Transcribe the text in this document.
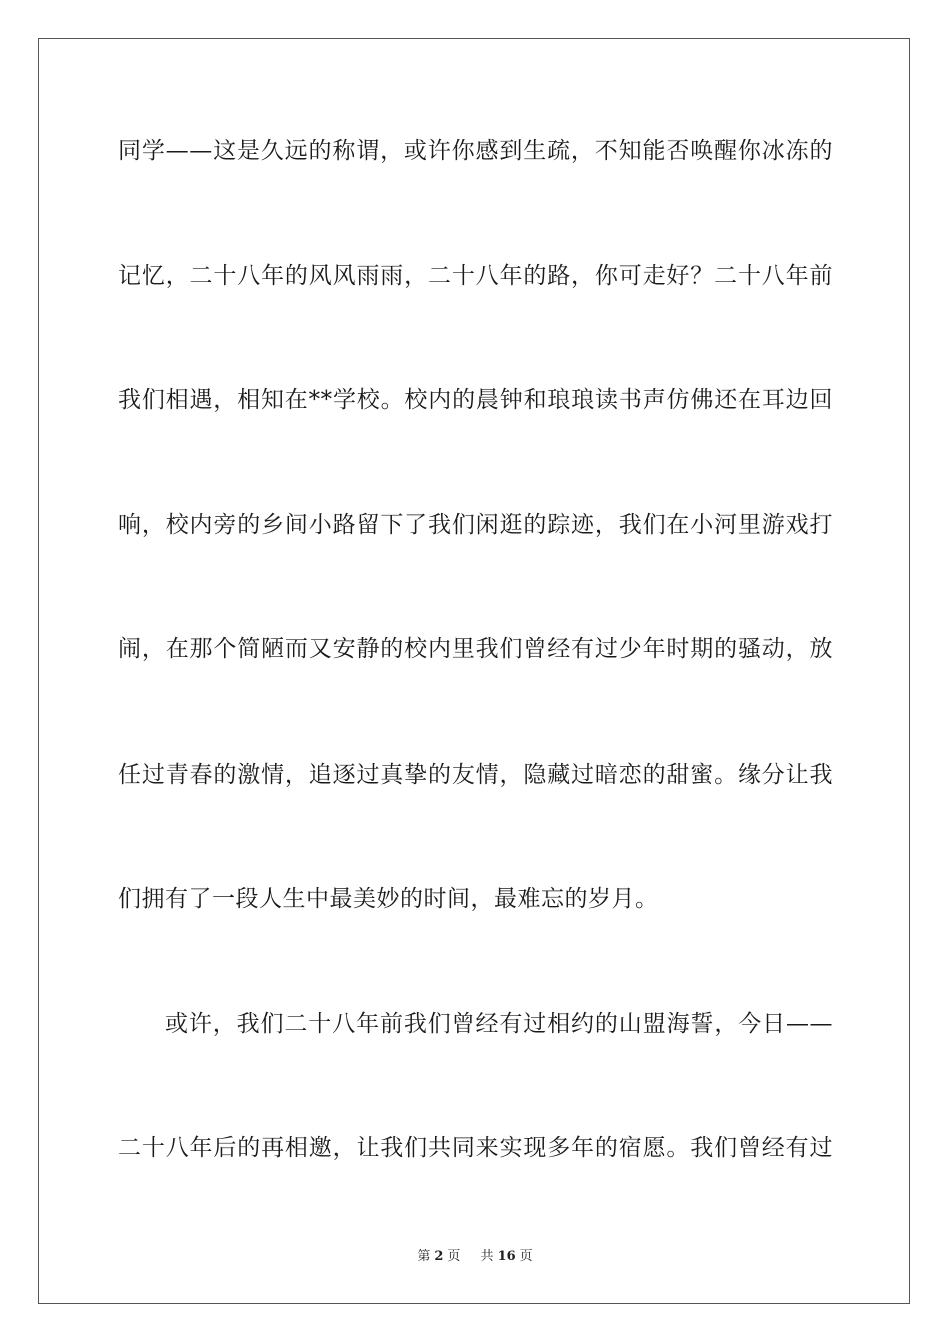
同学——这是久远的称谓，或许你感到生疏，不知能否唤醒你冰冻的
记忆，二十八年的风风雨雨，二十八年的路，你可走好？二十八年前
我们相遇，相知在**学校。校内的晨钟和琅琅读书声仿佛还在耳边回
响，校内旁的乡间小路留下了我们闲逛的踪迹，我们在小河里游戏打
闹，在那个简陋而又安静的校内里我们曾经有过少年时期的骚动，放
任过青春的激情，追逐过真挚的友情，隐藏过暗恋的甜蜜。缘分让我
们拥有了一段人生中最美妙的时间，最难忘的岁月。
或许，我们二十八年前我们曾经有过相约的山盟海誓，今日——
二十八年后的再相邀，让我们共同来实现多年的宿愿。我们曾经有过
第 2 页 共 16 页
